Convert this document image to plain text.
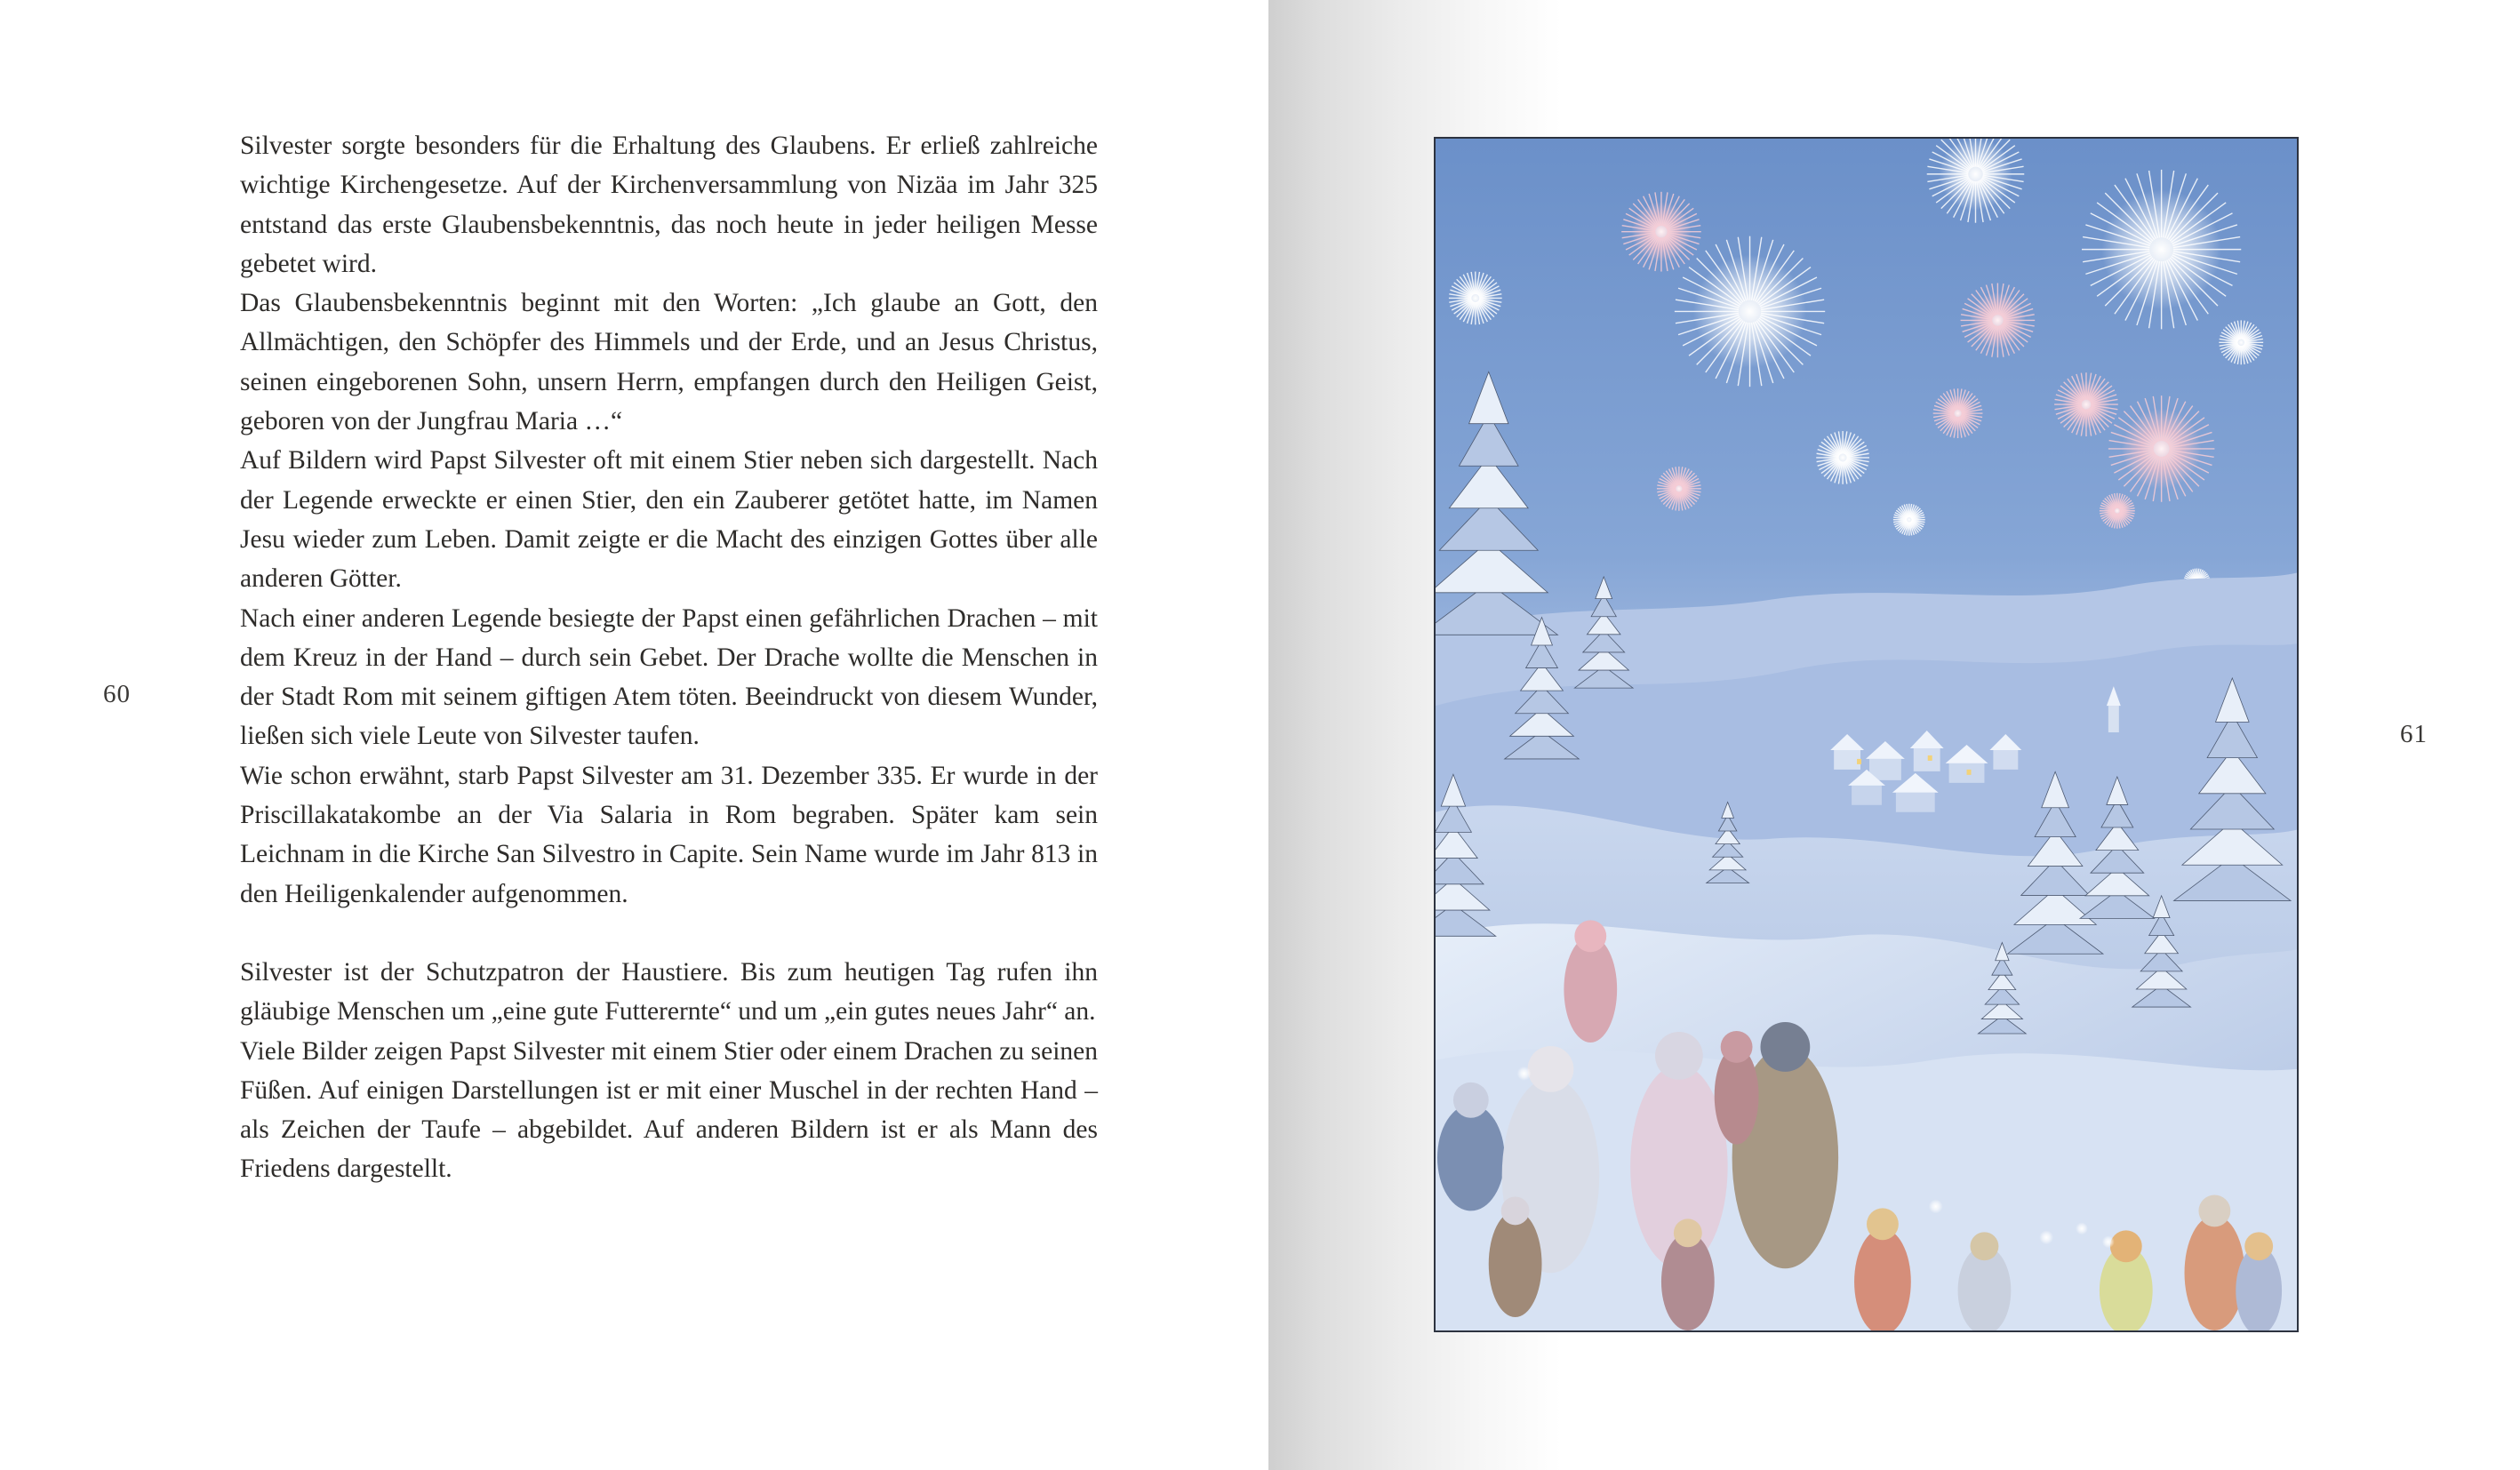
Silvester sorgte besonders für die Erhaltung des Glaubens. Er erließ zahlreiche wichtige Kirchengesetze. Auf der Kirchenversammlung von Nizäa im Jahr 325 entstand das erste Glaubensbekenntnis, das noch heute in jeder heiligen Messe gebetet wird.

Das Glaubensbekenntnis beginnt mit den Worten: „Ich glaube an Gott, den Allmächtigen, den Schöpfer des Himmels und der Erde, und an Jesus Christus, seinen eingeborenen Sohn, unsern Herrn, empfangen durch den Heiligen Geist, geboren von der Jungfrau Maria …“

Auf Bildern wird Papst Silvester oft mit einem Stier neben sich dargestellt. Nach der Legende erweckte er einen Stier, den ein Zauberer getötet hatte, im Namen Jesu wieder zum Leben. Damit zeigte er die Macht des einzigen Gottes über alle anderen Götter.

Nach einer anderen Legende besiegte der Papst einen gefährlichen Drachen – mit dem Kreuz in der Hand – durch sein Gebet. Der Drache wollte die Menschen in der Stadt Rom mit seinem giftigen Atem töten. Beeindruckt von diesem Wunder, ließen sich viele Leute von Silvester taufen.

Wie schon erwähnt, starb Papst Silvester am 31. Dezember 335. Er wurde in der Priscillakatakombe an der Via Salaria in Rom begraben. Später kam sein Leichnam in die Kirche San Silvestro in Capite. Sein Name wurde im Jahr 813 in den Heiligenkalender aufgenommen.

Silvester ist der Schutzpatron der Haustiere. Bis zum heutigen Tag rufen ihn gläubige Menschen um „eine gute Futterernte“ und um „ein gutes neues Jahr“ an.

Viele Bilder zeigen Papst Silvester mit einem Stier oder einem Drachen zu seinen Füßen. Auf einigen Darstellungen ist er mit einer Muschel in der rechten Hand – als Zeichen der Taufe – abgebildet. Auf anderen Bildern ist er als Mann des Friedens dargestellt.

60
61
